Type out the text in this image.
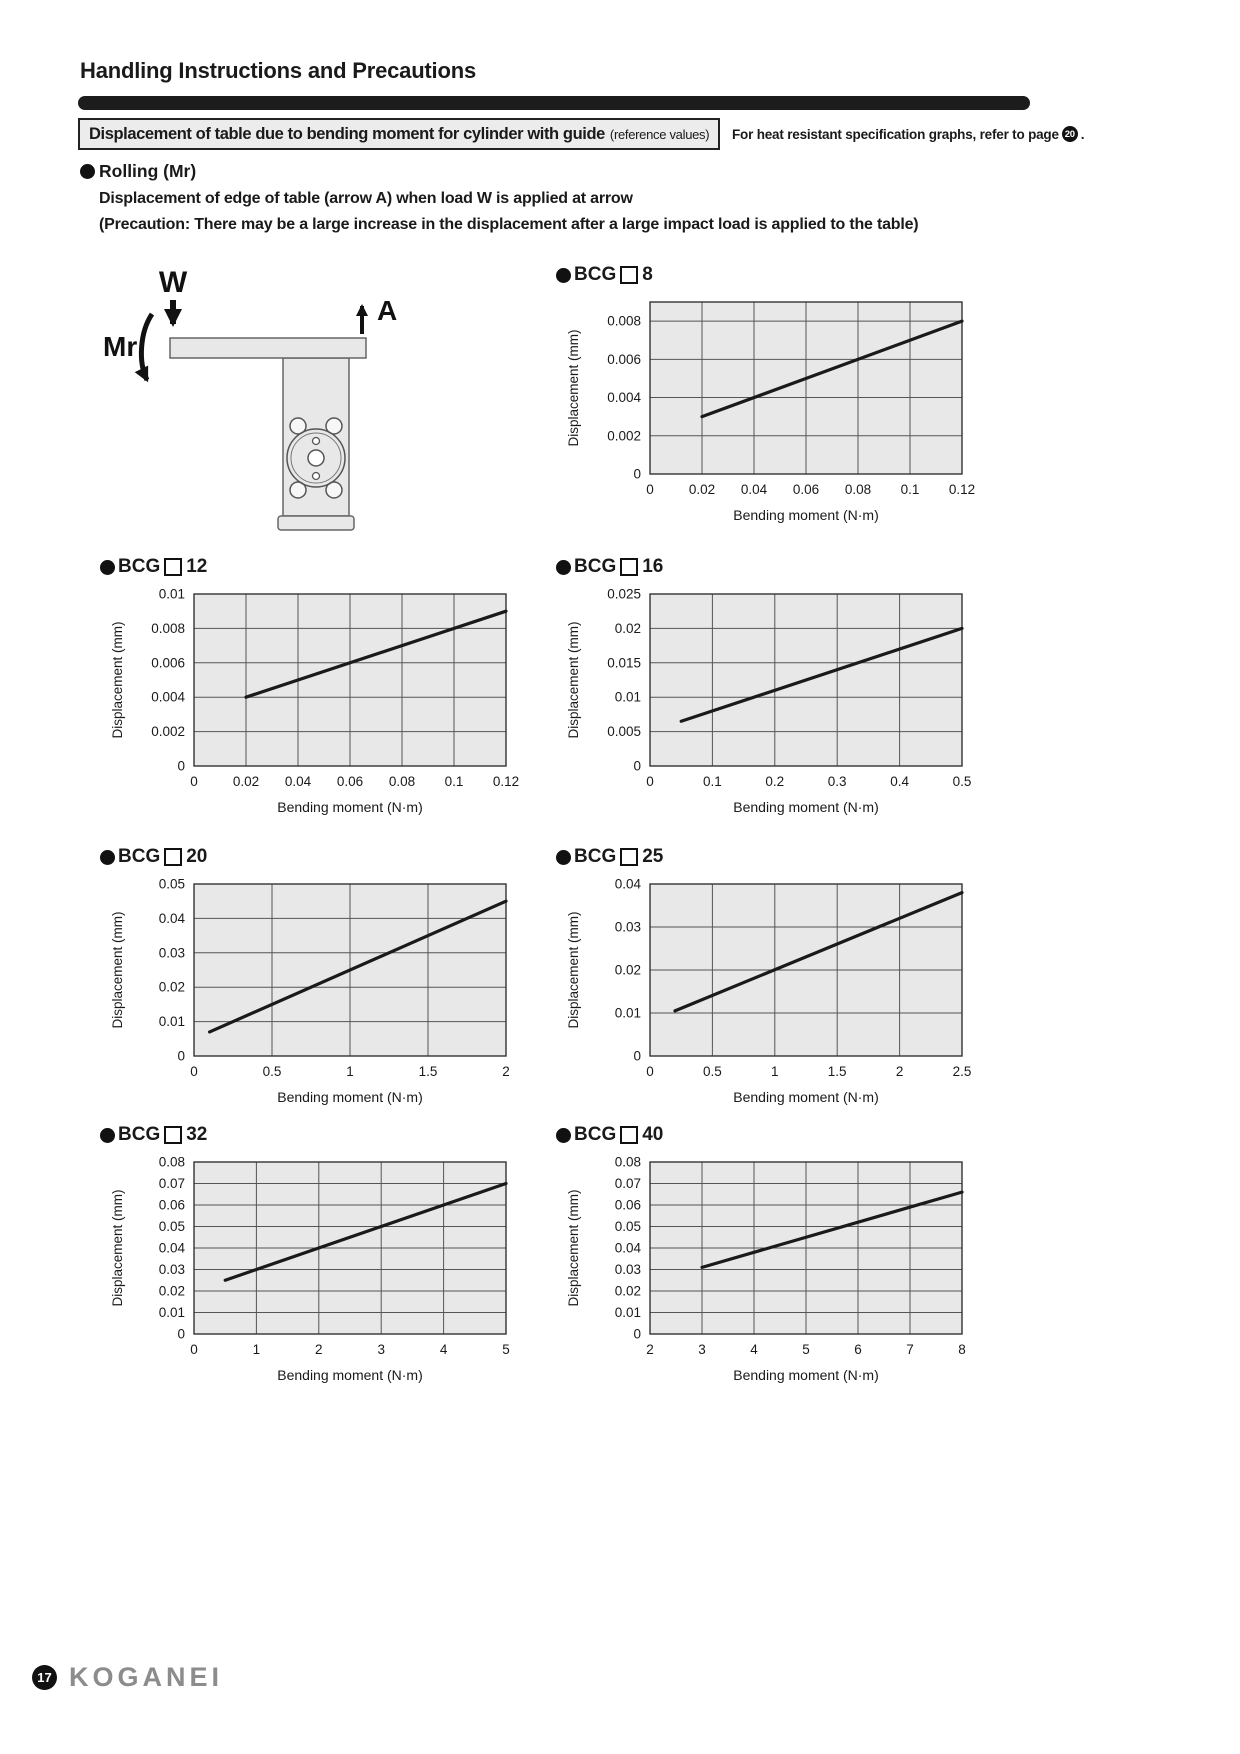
Handling Instructions and Precautions
Displacement of table due to bending moment for cylinder with guide (reference values) For heat resistant specification graphs, refer to page 20 .
Rolling (Mr)
Displacement of edge of table (arrow A) when load W is applied at arrow
(Precaution: There may be a large increase in the displacement after a large impact load is applied to the table)
W
A
Mr
BCG 8
0	0.02 0.04 0.06 0.08 0.1 0.12
0
0.002
0.004
0.006
0.008
Bending moment (N·m)
Displacement (mm)
BCG 12
0	0.02 0.04 0.06 0.08 0.1 0.12
0
0.002
0.004
0.006
0.008
0.01
Bending moment (N·m)
Displacement (mm)
BCG 16
0	0.1	0.2	0.3	0.4	0.5
0
0.005
0.01
0.015
0.02
0.025
Bending moment (N·m)
Displacement (mm)
BCG 20
0	0.5	1	1.5	2
0
0.01
0.02
0.03
0.04
0.05
Bending moment (N·m)
Displacement (mm)
BCG 25
0	0.5	1	1.5	2	2.5
0
0.01
0.02
0.03
0.04
Bending moment (N·m)
Displacement (mm)
BCG 32
0	1	2	3	4	5
0
0.01
0.02
0.03
0.04
0.05
0.06
0.07
0.08
Bending moment (N·m)
Displacement (mm)
BCG 40
2	3	4	5	6	7	8
0
0.01
0.02
0.03
0.04
0.05
0.06
0.07
0.08
Bending moment (N·m)
Displacement (mm)
17 KOGANEI
